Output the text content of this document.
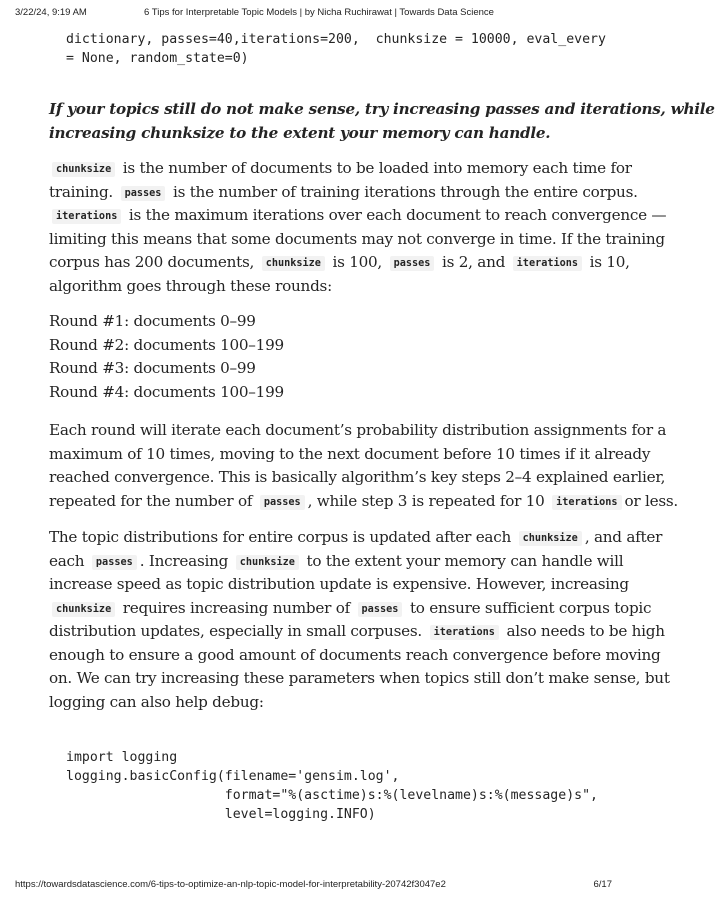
3/22/24, 9:19 AM	6 Tips for Interpretable Topic Models | by Nicha Ruchirawat | Towards Data Science
dictionary, passes=40,iterations=200,  chunksize = 10000, eval_every
= None, random_state=0)
If your topics still do not make sense, try increasing passes and iterations, while
increasing chunksize to the extent your memory can handle.
chunksize is the number of documents to be loaded into memory each time for
training. passes is the number of training iterations through the entire corpus.
iterations is the maximum iterations over each document to reach convergence —
limiting this means that some documents may not converge in time. If the training
corpus has 200 documents, chunksize is 100, passes is 2, and iterations is 10,
algorithm goes through these rounds:
Round #1: documents 0–99
Round #2: documents 100–199
Round #3: documents 0–99
Round #4: documents 100–199
Each round will iterate each document’s probability distribution assignments for a
maximum of 10 times, moving to the next document before 10 times if it already
reached convergence. This is basically algorithm’s key steps 2–4 explained earlier,
repeated for the number of passes , while step 3 is repeated for 10 iterations or less.
The topic distributions for entire corpus is updated after each chunksize , and after
each passes . Increasing chunksize to the extent your memory can handle will
increase speed as topic distribution update is expensive. However, increasing
chunksize requires increasing number of passes to ensure sufficient corpus topic
distribution updates, especially in small corpuses. iterations also needs to be high
enough to ensure a good amount of documents reach convergence before moving
on. We can try increasing these parameters when topics still don’t make sense, but
logging can also help debug:
import logging
logging.basicConfig(filename='gensim.log',
format="%(asctime)s:%(levelname)s:%(message)s",
level=logging.INFO)
https://towardsdatascience.com/6-tips-to-optimize-an-nlp-topic-model-for-interpretability-20742f3047e2	6/17
